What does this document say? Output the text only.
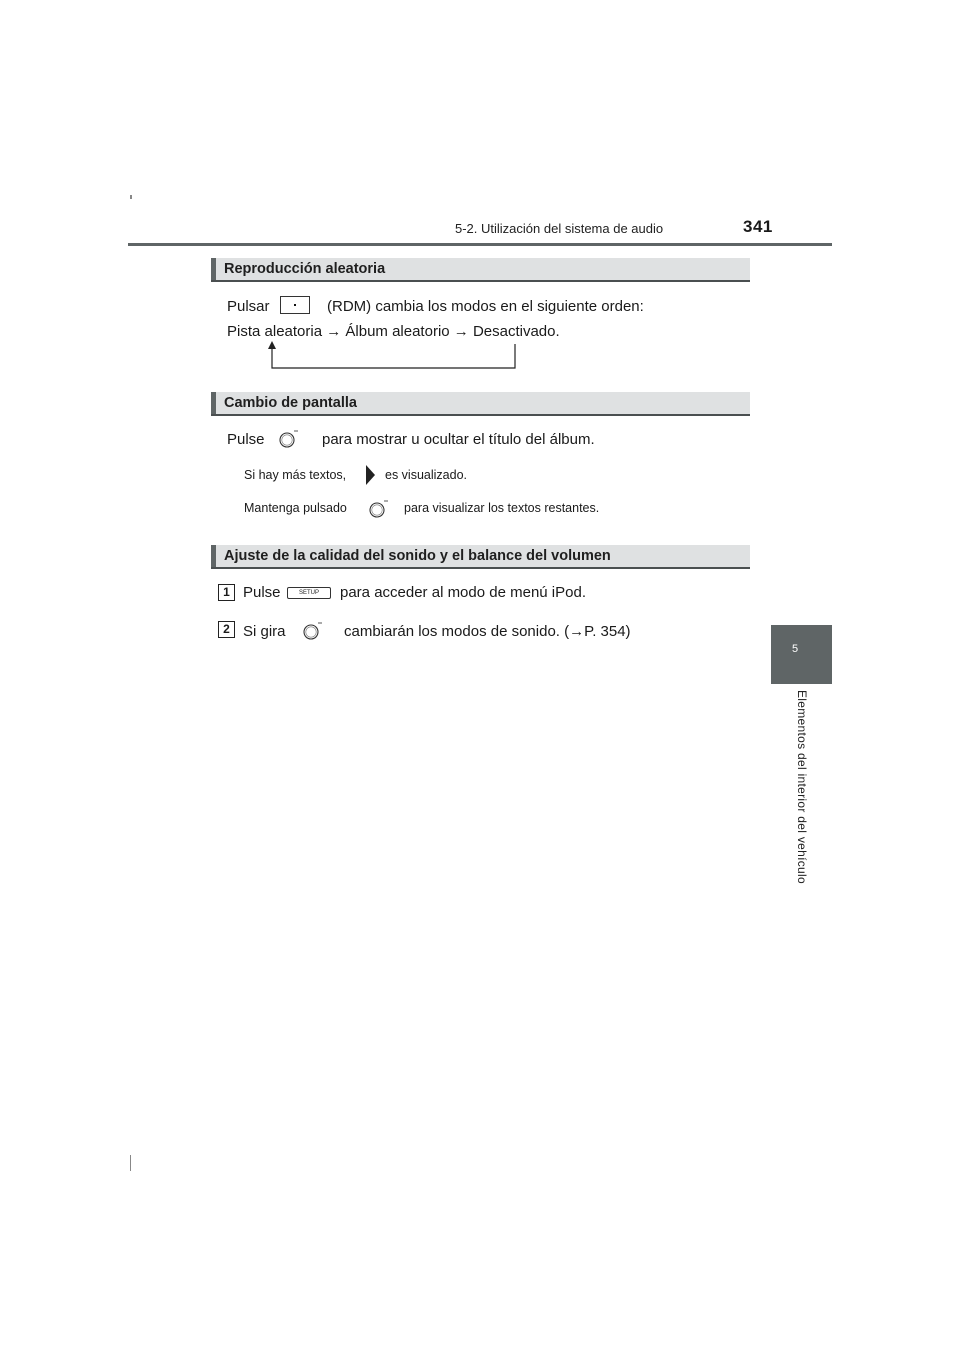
5-2. Utilización del sistema de audio	341
5
Elementos del interior del vehículo
Reproducción aleatoria
Pulsar	(RDM) cambia los modos en el siguiente orden:
Pista aleatoria → Álbum aleatorio → Desactivado.
Cambio de pantalla
Pulse	para mostrar u ocultar el título del álbum.
Si hay más textos,	es visualizado.
Mantenga pulsado	para visualizar los textos restantes.
Ajuste de la calidad del sonido y el balance del volumen
1 Pulse	SETUP	para acceder al modo de menú iPod.
2 Si gira	cambiarán los modos de sonido. (→P. 354)
